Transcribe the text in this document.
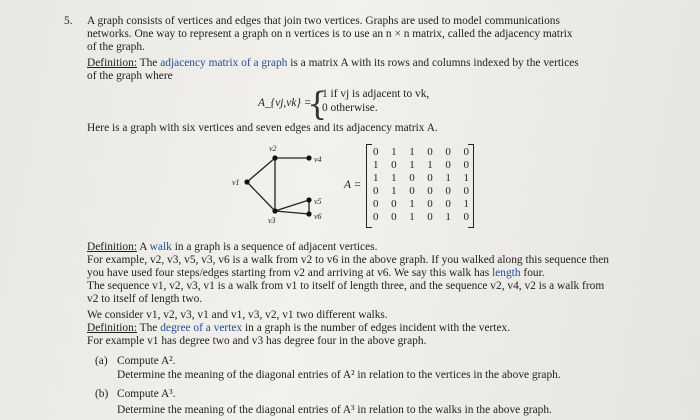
5. A graph consists of vertices and edges that join two vertices. Graphs are used to model communications
networks. One way to represent a graph on n vertices is to use an n × n matrix, called the adjacency matrix
of the graph.
Definition: The adjacency matrix of a graph is a matrix A with its rows and columns indexed by the vertices
of the graph where
A_{vj,vk} =
{
1 if vj is adjacent to vk,
0 otherwise.
Here is a graph with six vertices and seven edges and its adjacency matrix A.
v1
v2
v3
v4
v5
v6
A =
0 1 1 0 0 0
1 0 1 1 0 0
1 1 0 0 1 1
0 1 0 0 0 0
0 0 1 0 0 1
0 0 1 0 1 0
Definition: A walk in a graph is a sequence of adjacent vertices.
For example, v2, v3, v5, v3, v6 is a walk from v2 to v6 in the above graph. If you walked along this sequence then
you have used four steps/edges starting from v2 and arriving at v6. We say this walk has length four.
The sequence v1, v2, v3, v1 is a walk from v1 to itself of length three, and the sequence v2, v4, v2 is a walk from
v2 to itself of length two.
We consider v1, v2, v3, v1 and v1, v3, v2, v1 two different walks.
Definition: The degree of a vertex in a graph is the number of edges incident with the vertex.
For example v1 has degree two and v3 has degree four in the above graph.
(a) Compute A².
Determine the meaning of the diagonal entries of A² in relation to the vertices in the above graph.
(b) Compute A³.
Determine the meaning of the diagonal entries of A³ in relation to the walks in the above graph.
